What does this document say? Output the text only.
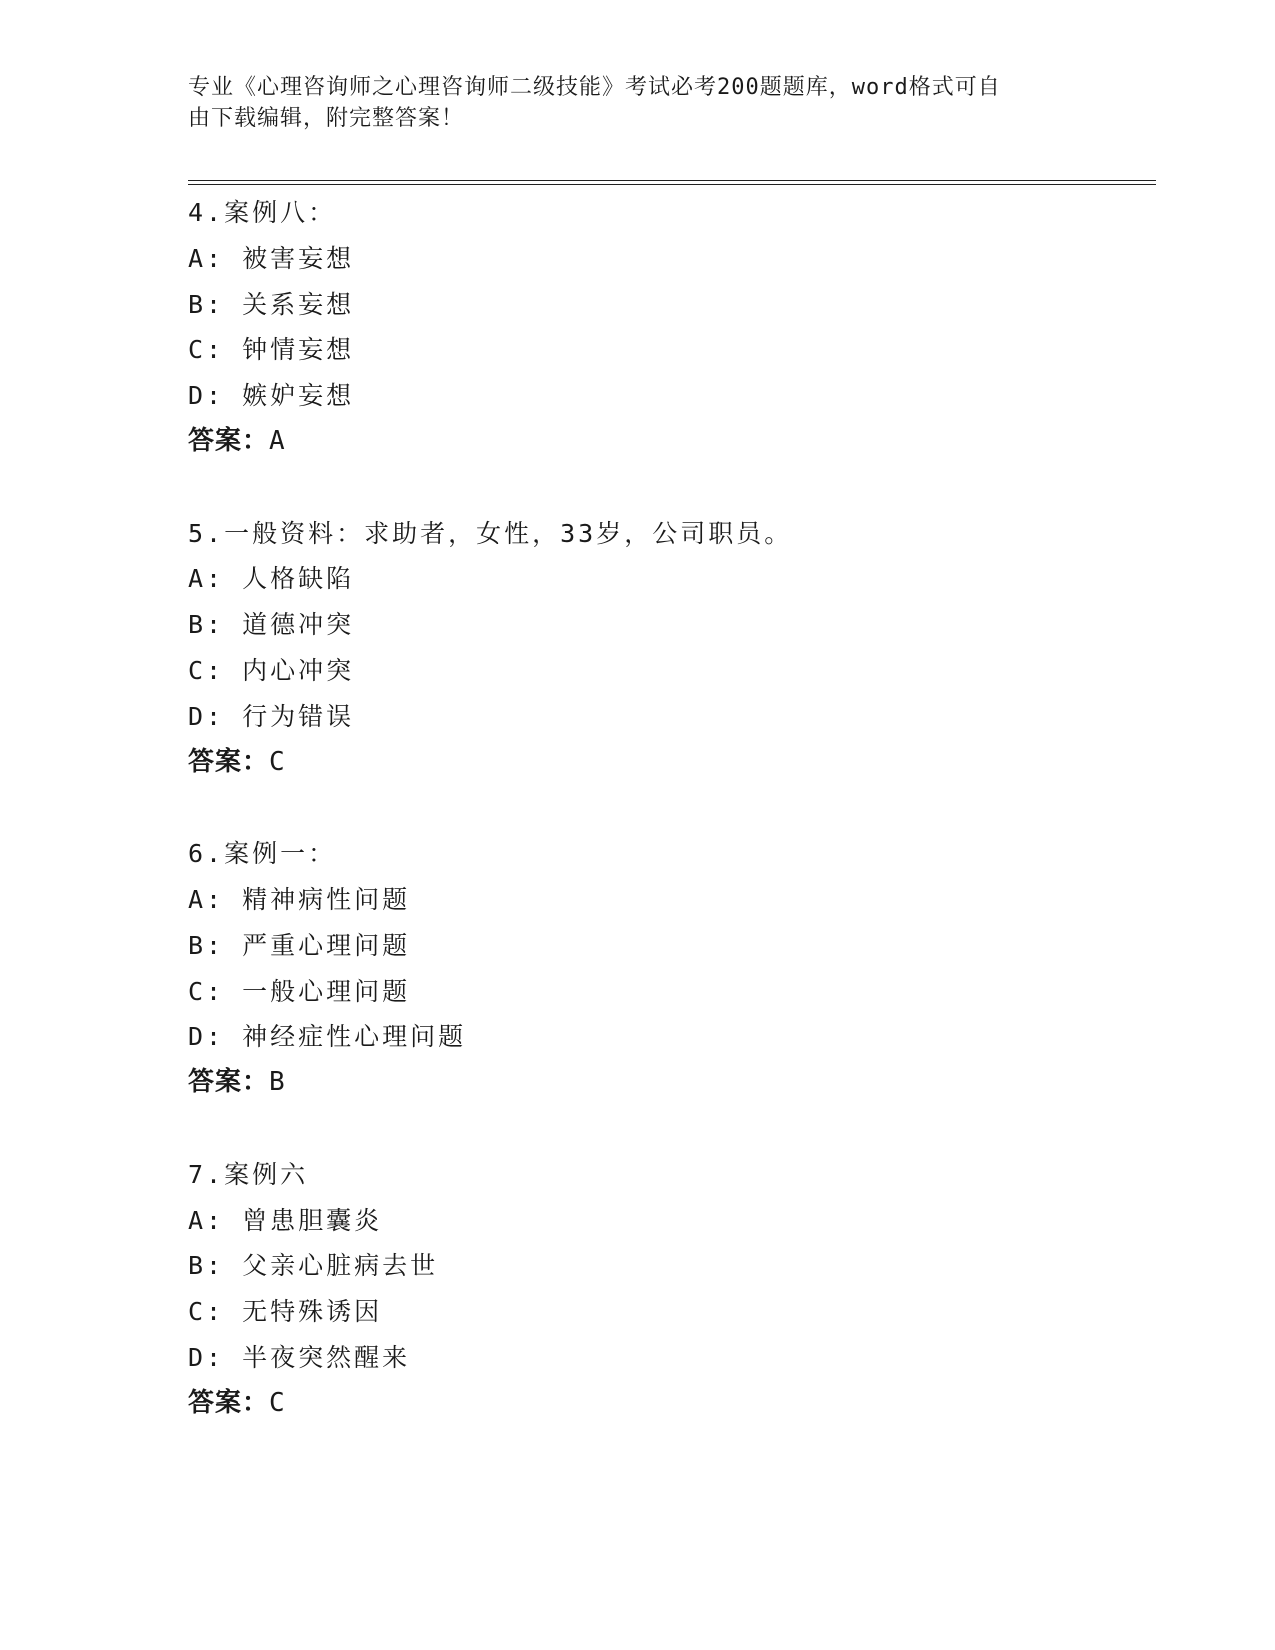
专业《心理咨询师之心理咨询师二级技能》考试必考200题题库，word格式可自
由下载编辑，附完整答案！
4.案例八：
A: 被害妄想
B: 关系妄想
C: 钟情妄想
D: 嫉妒妄想
答案：A
5.一般资料：求助者，女性，33岁，公司职员。
A: 人格缺陷
B: 道德冲突
C: 内心冲突
D: 行为错误
答案：C
6.案例一：
A: 精神病性问题
B: 严重心理问题
C: 一般心理问题
D: 神经症性心理问题
答案：B
7.案例六
A: 曾患胆囊炎
B: 父亲心脏病去世
C: 无特殊诱因
D: 半夜突然醒来
答案：C
